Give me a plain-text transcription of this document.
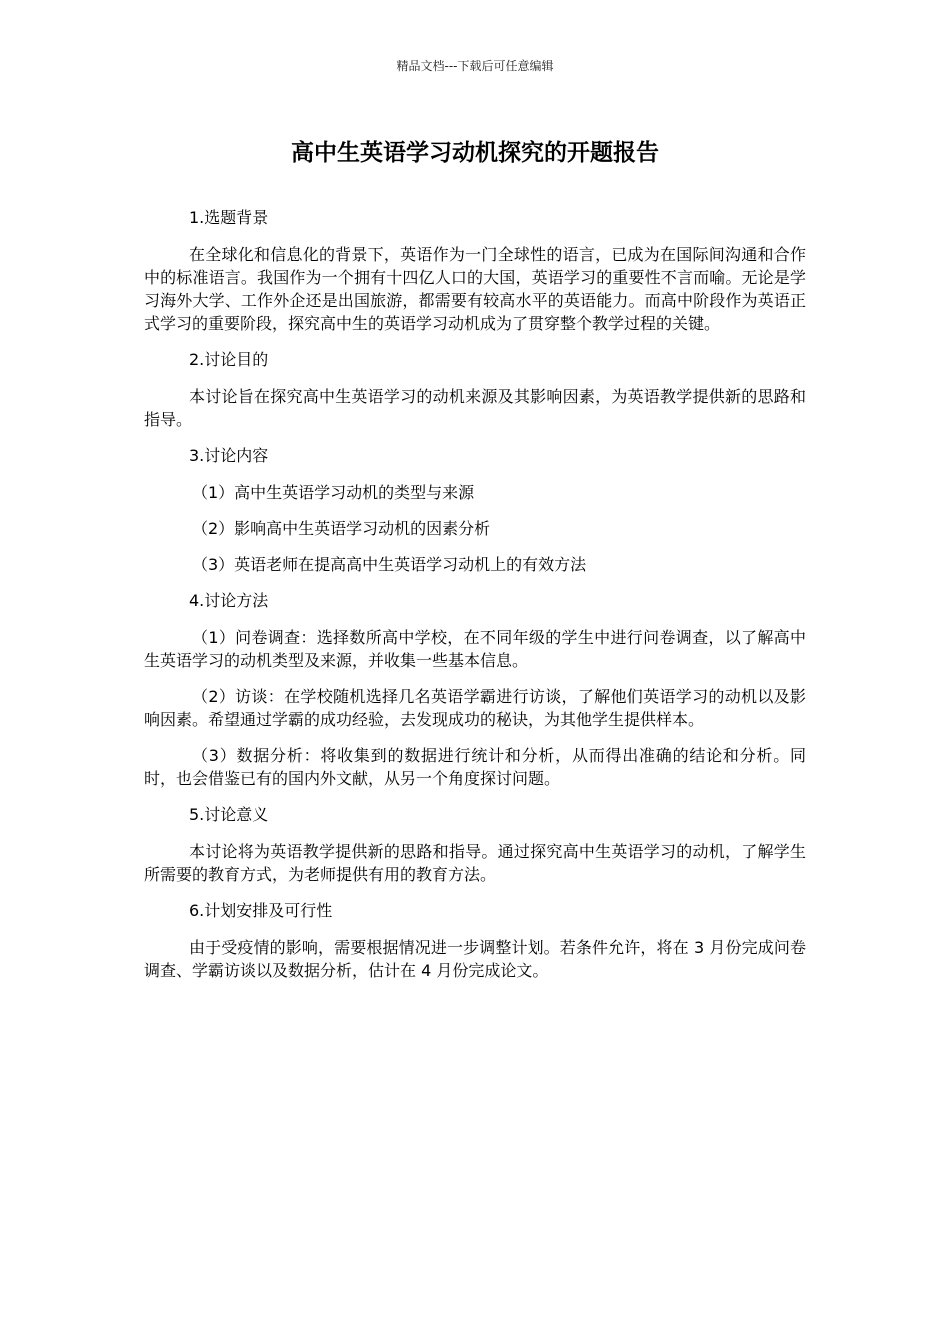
精品文档---下载后可任意编辑
高中生英语学习动机探究的开题报告

1.选题背景

在全球化和信息化的背景下，英语作为一门全球性的语言，已成为在国际间沟通和合作中的标准语言。我国作为一个拥有十四亿人口的大国，英语学习的重要性不言而喻。无论是学习海外大学、工作外企还是出国旅游，都需要有较高水平的英语能力。而高中阶段作为英语正式学习的重要阶段，探究高中生的英语学习动机成为了贯穿整个教学过程的关键。

2.讨论目的

本讨论旨在探究高中生英语学习的动机来源及其影响因素，为英语教学提供新的思路和指导。

3.讨论内容

（1）高中生英语学习动机的类型与来源

（2）影响高中生英语学习动机的因素分析

（3）英语老师在提高高中生英语学习动机上的有效方法

4.讨论方法

（1）问卷调查：选择数所高中学校，在不同年级的学生中进行问卷调查，以了解高中生英语学习的动机类型及来源，并收集一些基本信息。

（2）访谈：在学校随机选择几名英语学霸进行访谈，了解他们英语学习的动机以及影响因素。希望通过学霸的成功经验，去发现成功的秘诀，为其他学生提供样本。

（3）数据分析：将收集到的数据进行统计和分析，从而得出准确的结论和分析。同时，也会借鉴已有的国内外文献，从另一个角度探讨问题。

5.讨论意义

本讨论将为英语教学提供新的思路和指导。通过探究高中生英语学习的动机，了解学生所需要的教育方式，为老师提供有用的教育方法。

6.计划安排及可行性

由于受疫情的影响，需要根据情况进一步调整计划。若条件允许，将在 3 月份完成问卷调查、学霸访谈以及数据分析，估计在 4 月份完成论文。
